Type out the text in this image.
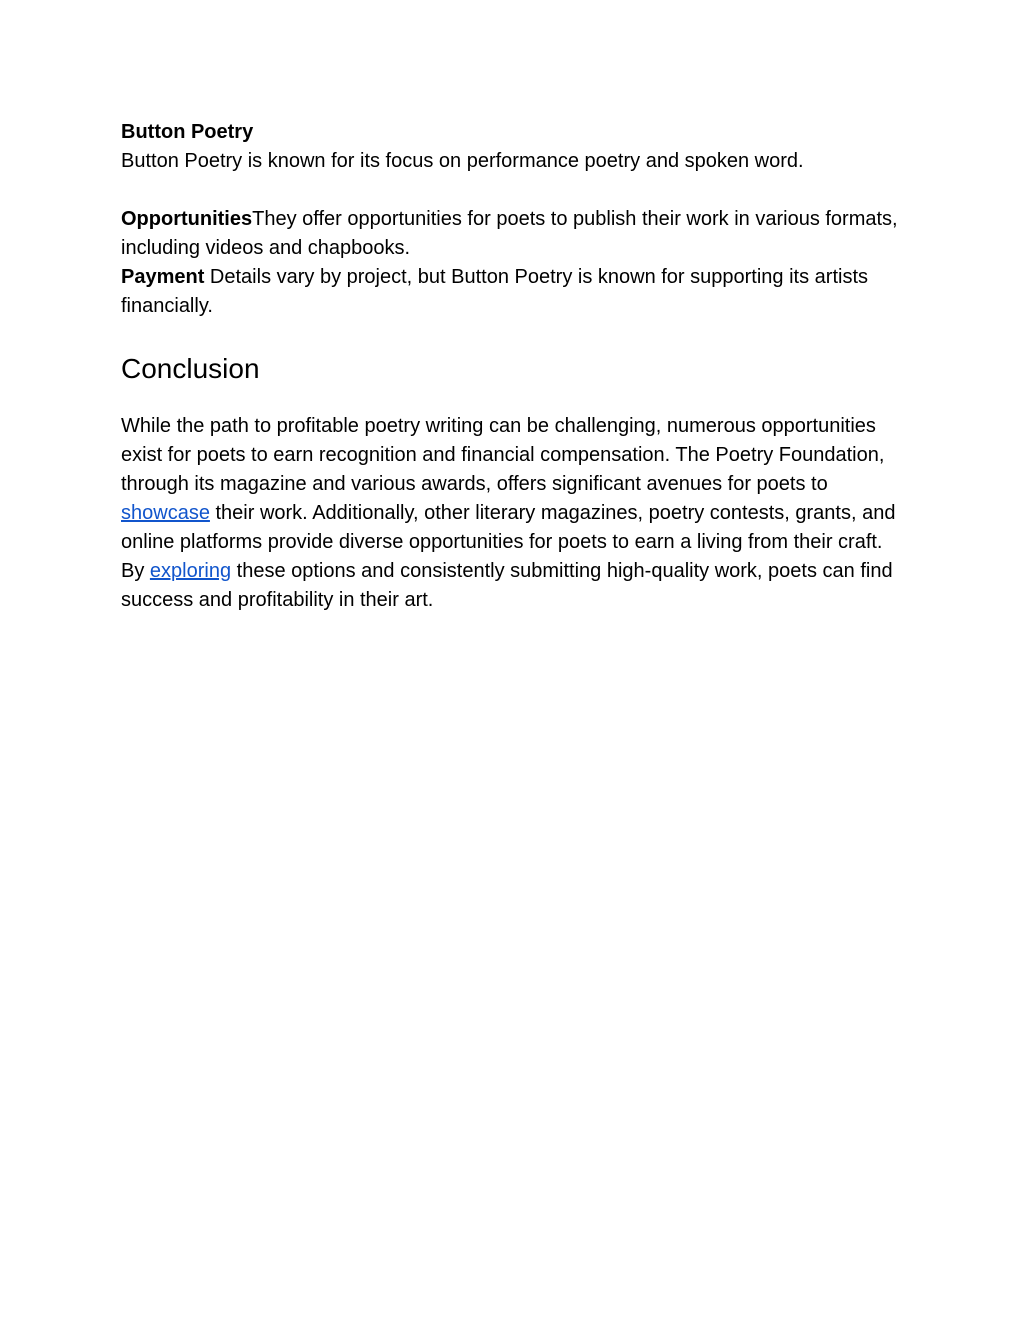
Button Poetry
Button Poetry is known for its focus on performance poetry and spoken word.
OpportunitiesThey offer opportunities for poets to publish their work in various formats, including videos and chapbooks.
Payment Details vary by project, but Button Poetry is known for supporting its artists financially.
Conclusion

While the path to profitable poetry writing can be challenging, numerous opportunities exist for poets to earn recognition and financial compensation. The Poetry Foundation, through its magazine and various awards, offers significant avenues for poets to showcase their work. Additionally, other literary magazines, poetry contests, grants, and online platforms provide diverse opportunities for poets to earn a living from their craft. By exploring these options and consistently submitting high-quality work, poets can find success and profitability in their art.
